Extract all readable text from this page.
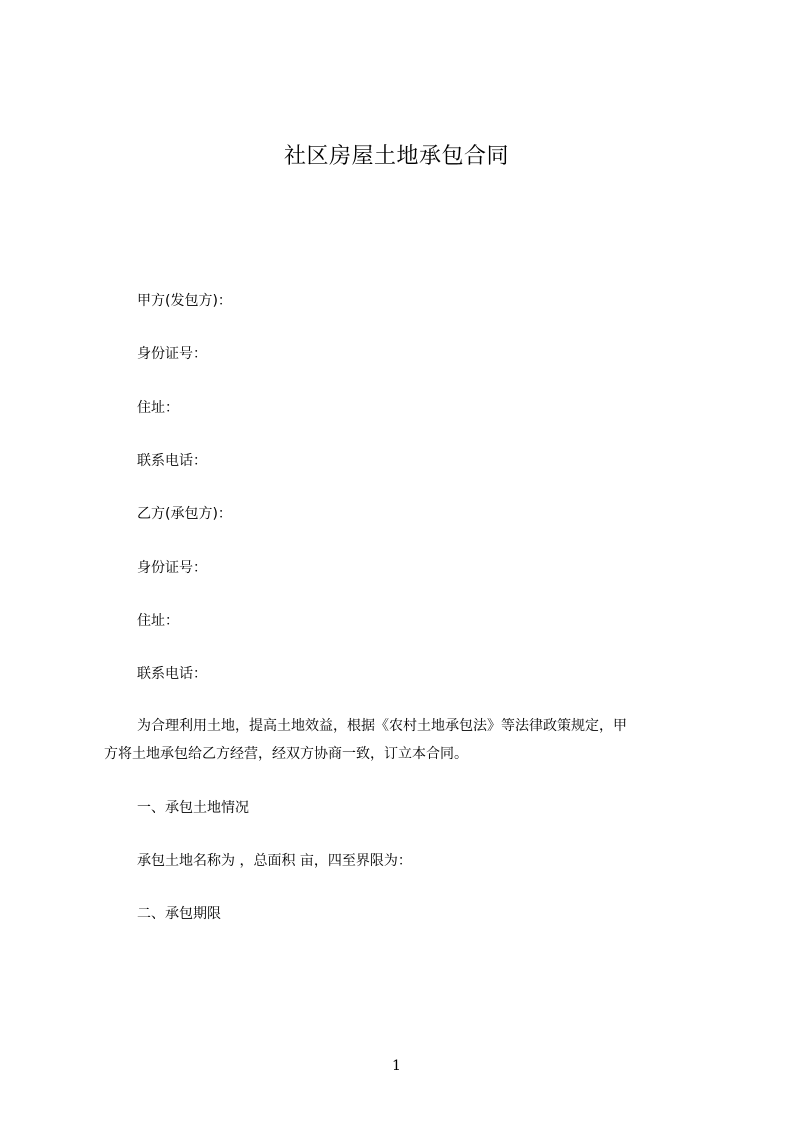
社区房屋土地承包合同
甲方(发包方)：
身份证号：
住址：
联系电话：
乙方(承包方)：
身份证号：
住址：
联系电话：
为合理利用土地，提高土地效益，根据《农村土地承包法》等法律政策规定，甲
方将土地承包给乙方经营，经双方协商一致，订立本合同。
一、承包土地情况
承包土地名称为 ，总面积 亩，四至界限为：
二、承包期限
1
